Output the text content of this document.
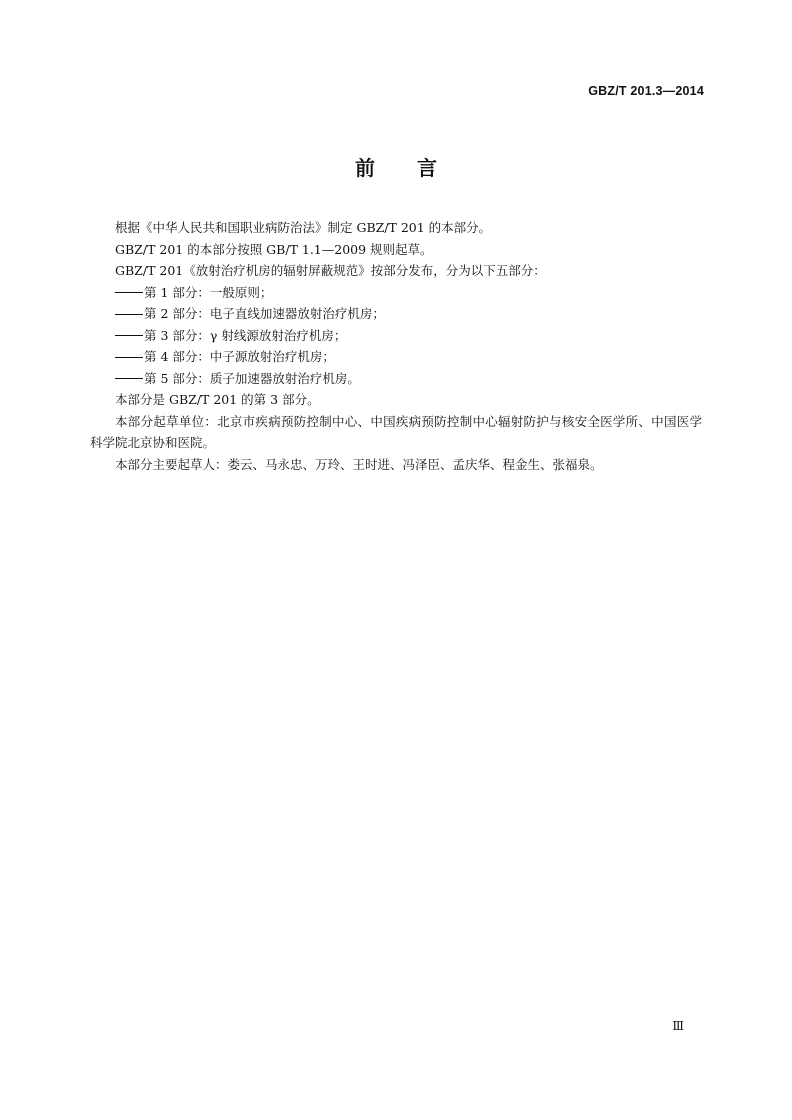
GBZ/T 201.3—2014
前言

根据《中华人民共和国职业病防治法》制定 GBZ/T 201 的本部分。

GBZ/T 201 的本部分按照 GB/T 1.1—2009 规则起草。

GBZ/T 201《放射治疗机房的辐射屏蔽规范》按部分发布，分为以下五部分：

第 1 部分：一般原则；

第 2 部分：电子直线加速器放射治疗机房；

第 3 部分：γ 射线源放射治疗机房；

第 4 部分：中子源放射治疗机房；

第 5 部分：质子加速器放射治疗机房。

本部分是 GBZ/T 201 的第 3 部分。

本部分起草单位：北京市疾病预防控制中心、中国疾病预防控制中心辐射防护与核安全医学所、中国医学科学院北京协和医院。

本部分主要起草人：娄云、马永忠、万玲、王时进、冯泽臣、孟庆华、程金生、张福泉。

Ⅲ
